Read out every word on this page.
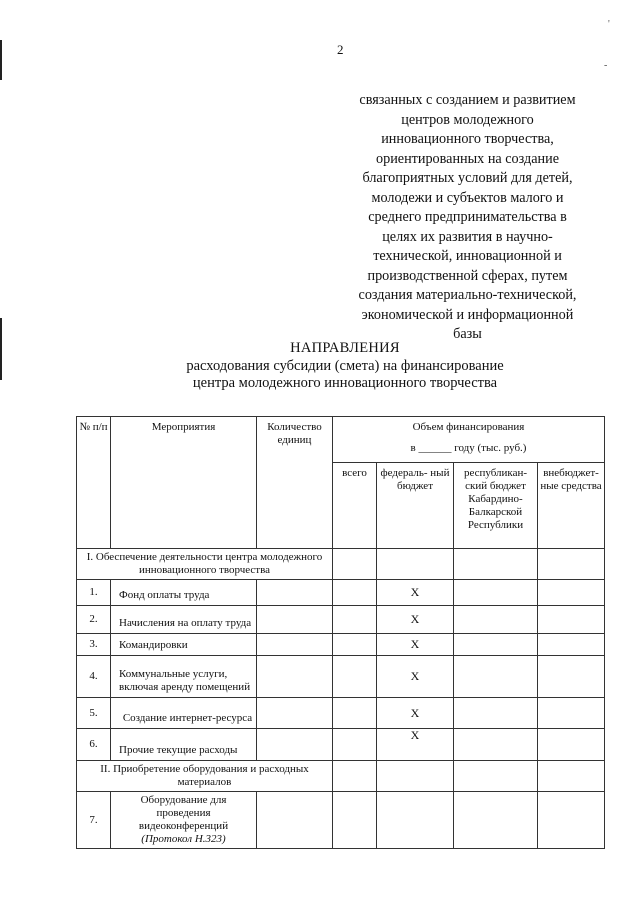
2
'
-
связанных с созданием и развитием
центров молодежного
инновационного творчества,
ориентированных на создание
благоприятных условий для детей,
молодежи и субъектов малого и
среднего предпринимательства в
целях их развития в научно-
технической, инновационной и
производственной сферах, путем
создания материально-технической,
экономической и информационной
базы
НАПРАВЛЕНИЯ
расходования субсидии (смета) на финансирование
центра молодежного инновационного творчества
№ п/п	Мероприятия	Количество единиц	Объем финансирования
в ______ году (тыс. руб.)			

			всего	федераль- ный бюджет	республикан- ский бюджет Кабардино- Балкарской Республики	внебюджет- ные средства
I. Обеспечение деятельности центра молодежного инновационного творчества						
1.	Фонд оплаты труда			Х		
2.	Начисления на оплату труда			Х		
3.	Командировки			Х		
4.	Коммунальные услуги, включая аренду помещений			Х		
5.	Создание интернет-ресурса			Х		
6.	Прочие текущие расходы			Х		
II. Приобретение оборудования и расходных материалов						
7.	Оборудование для проведения видеоконференций
(Протокол Н.323)					
